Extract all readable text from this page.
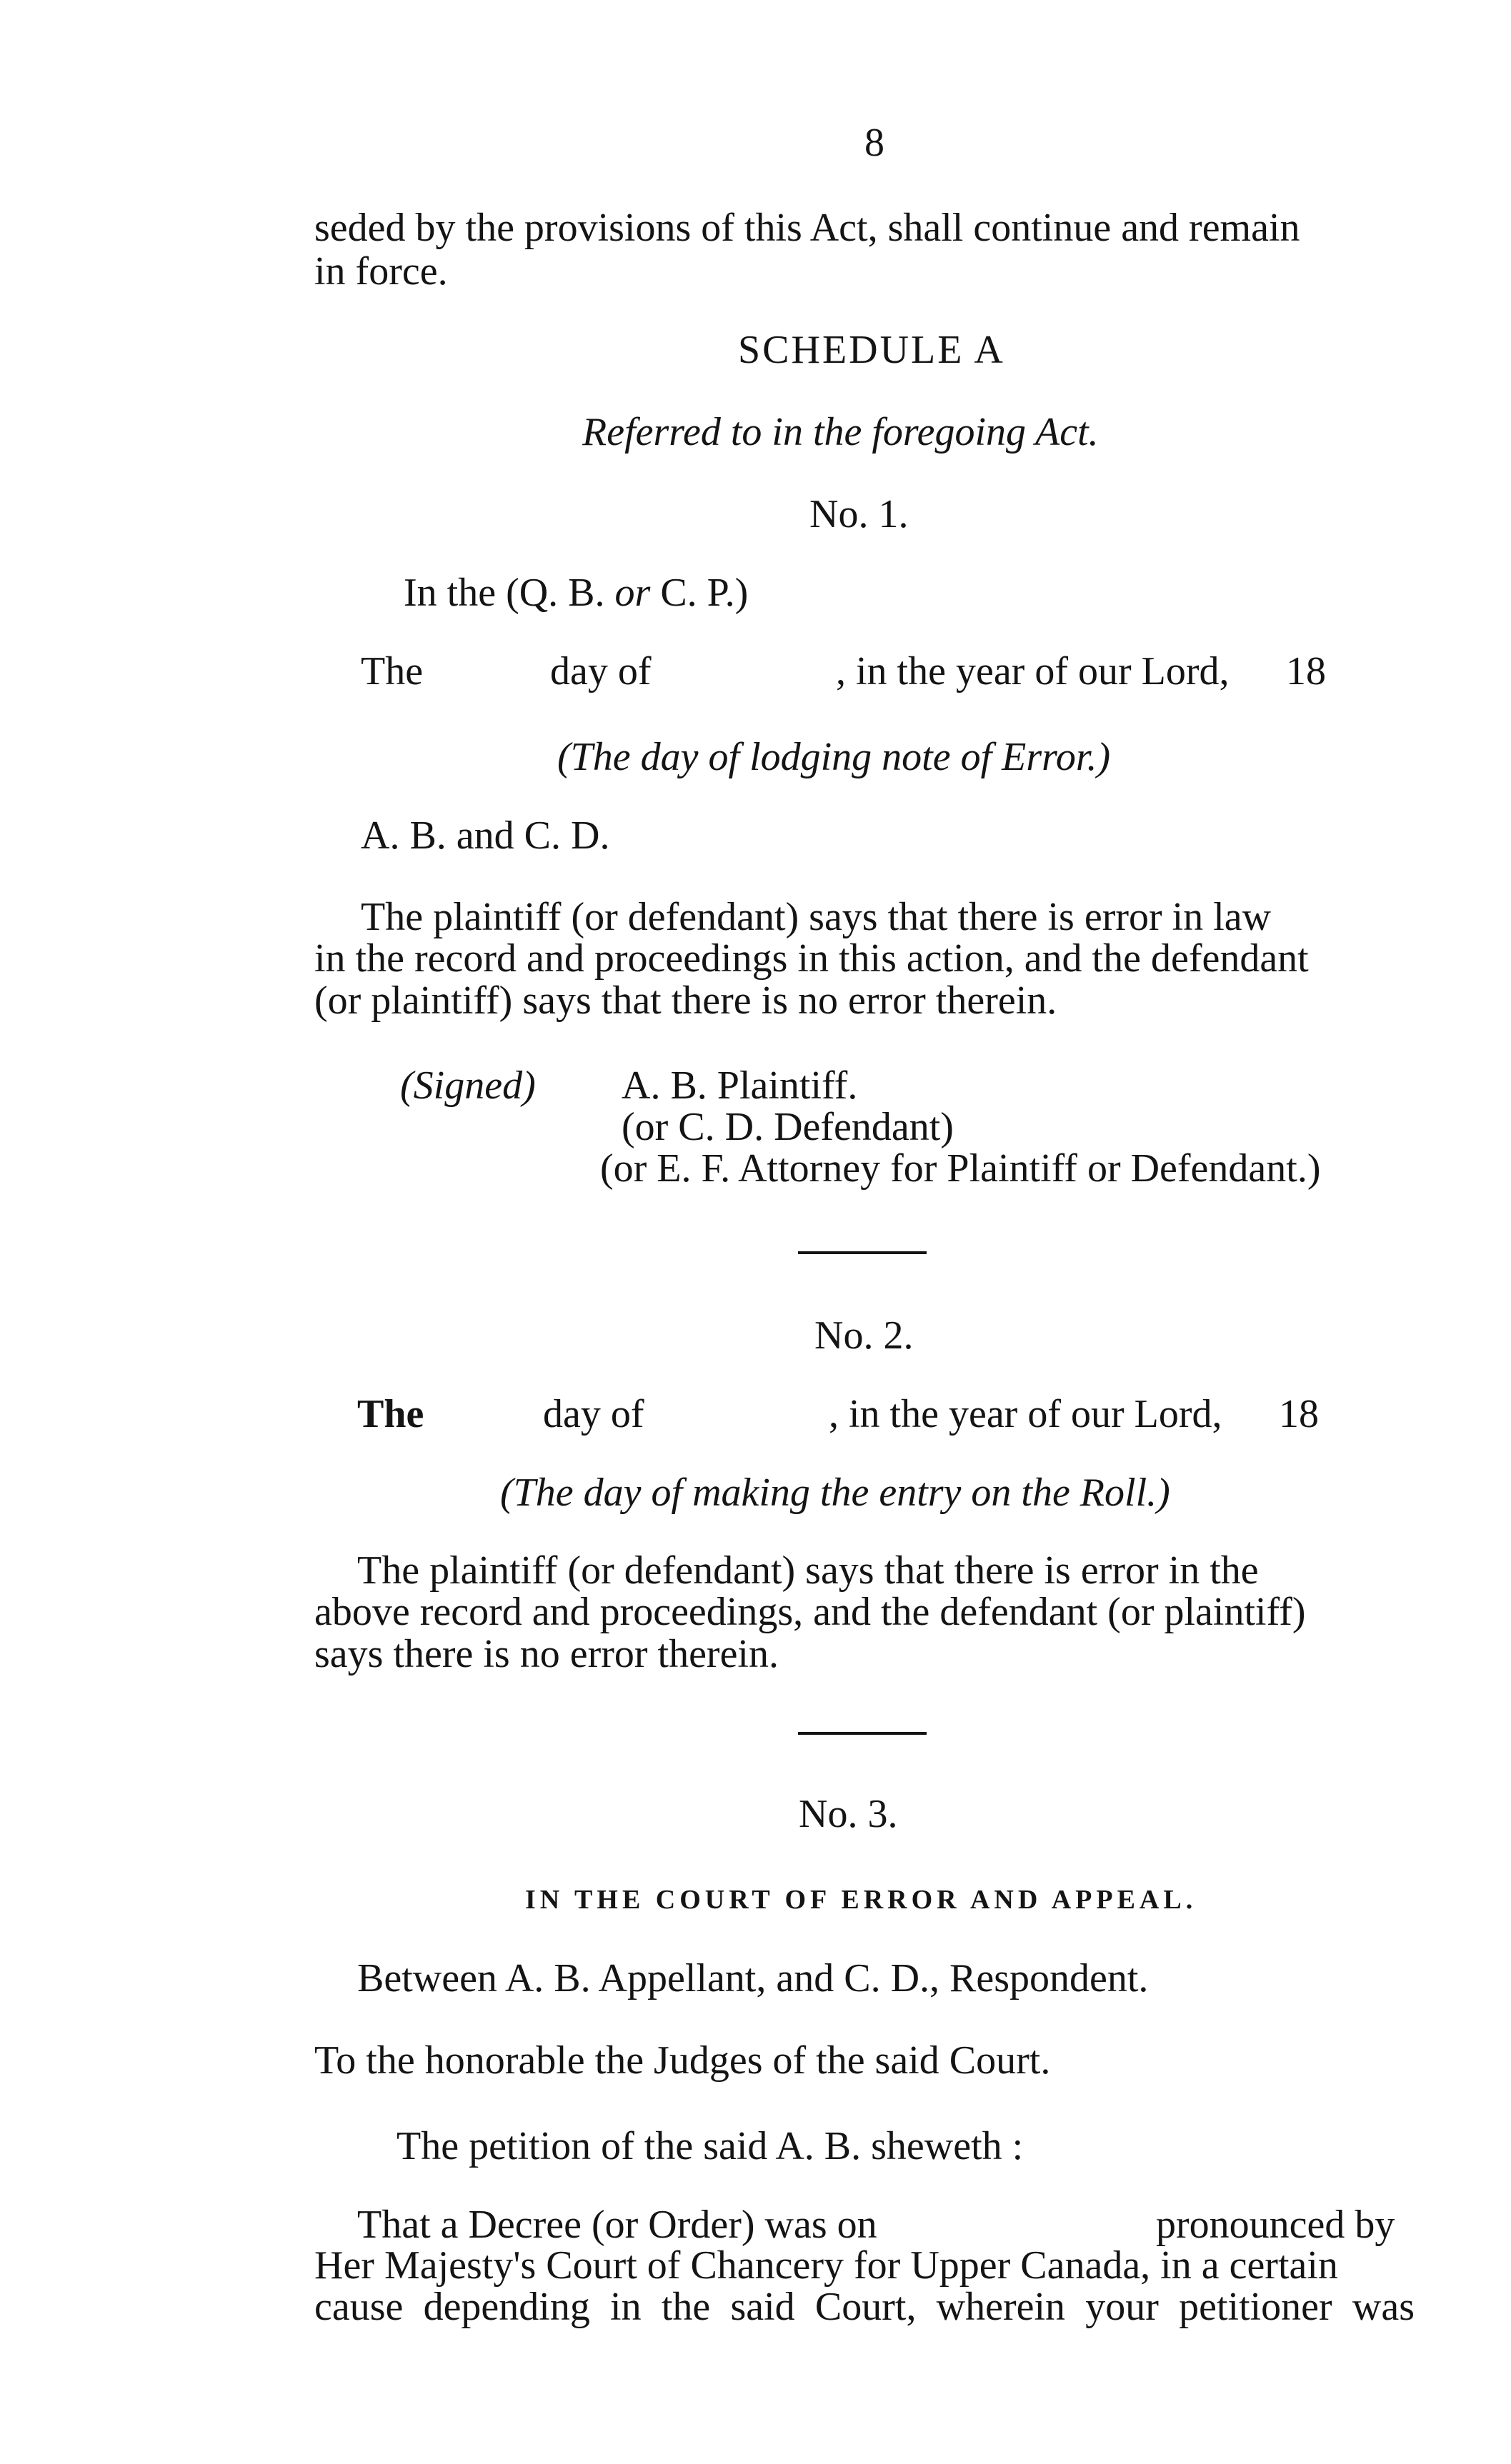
8
seded by the provisions of this Act, shall continue and remain
in force.
SCHEDULE A
Referred to in the foregoing Act.
No. 1.
In the (Q. B. or C. P.)
The	day of	, in the year of our Lord, 18
(The day of lodging note of Error.)
A. B. and C. D.
The plaintiff (or defendant) says that there is error in law
in the record and proceedings in this action, and the defendant
(or plaintiff) says that there is no error therein.
(Signed) A. B. Plaintiff.
(or C. D. Defendant)
(or E. F. Attorney for Plaintiff or Defendant.)
No. 2.
The	day of	, in the year of our Lord, 18
(The day of making the entry on the Roll.)
The plaintiff (or defendant) says that there is error in the
above record and proceedings, and the defendant (or plaintiff)
says there is no error therein.
No. 3.
IN THE COURT OF ERROR AND APPEAL.
Between A. B. Appellant, and C. D., Respondent.
To the honorable the Judges of the said Court.
The petition of the said A. B. sheweth :
That a Decree (or Order) was on	pronounced by
Her Majesty's Court of Chancery for Upper Canada, in a certain
cause depending in the said Court, wherein your petitioner was
